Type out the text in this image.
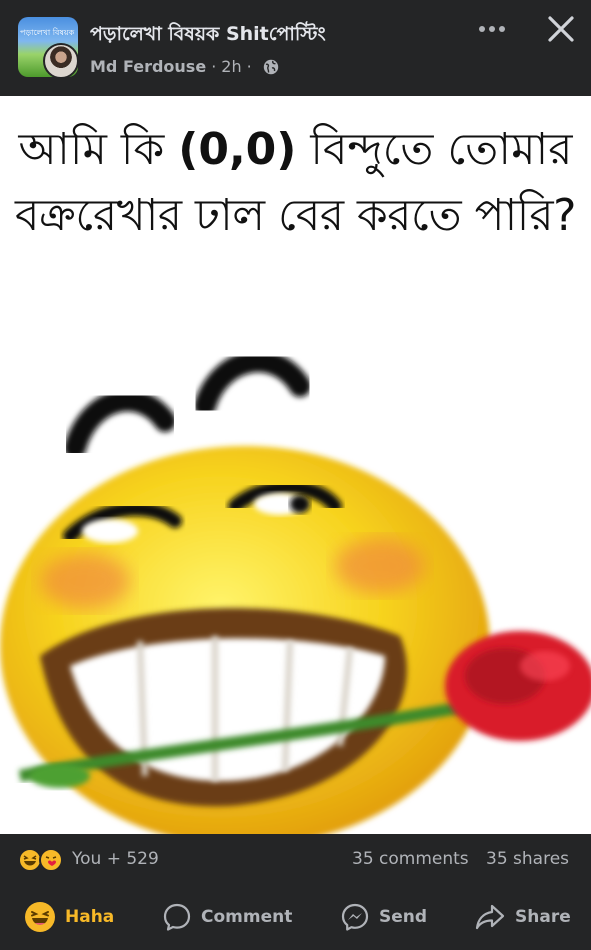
পড়ালেখা বিষয়ক পড়ালেখা বিষয়ক Shitপোস্টিং
Md Ferdouse · 2h ·
আমি কি (0,0) বিন্দুতে তোমার
বক্ররেখার ঢাল বের করতে পারি?
You + 529	35 comments 35 shares
Haha	Comment	Send	Share
